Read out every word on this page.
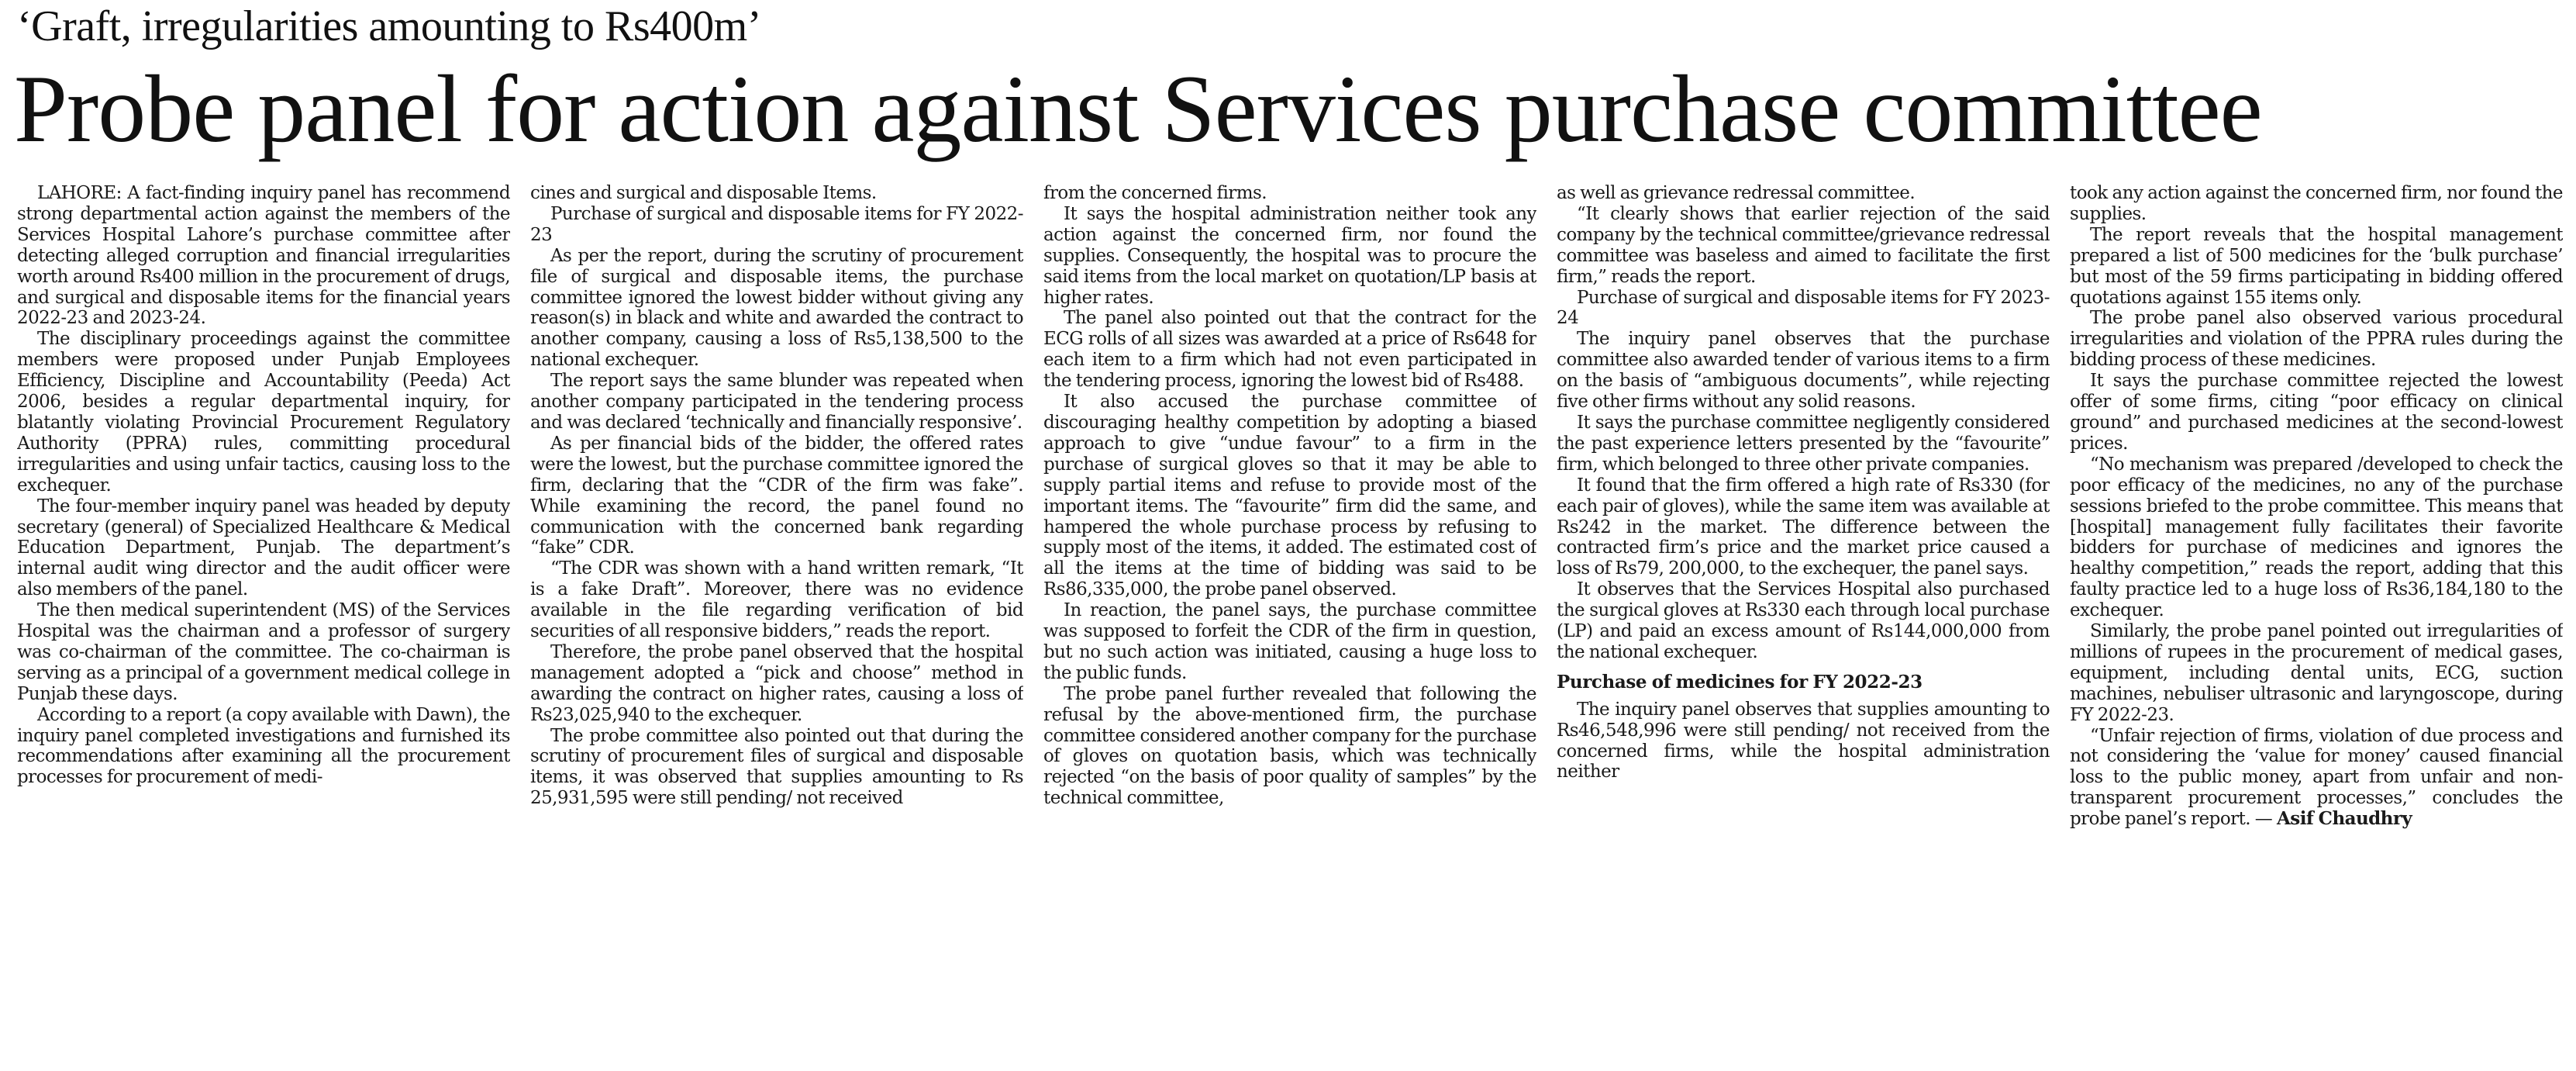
‘Graft, irregularities amounting to Rs400m’
Probe panel for action against Services purchase committee

LAHORE: A fact-finding inquiry panel has recommend strong departmental action against the members of the Services Hospital Lahore’s purchase committee after detecting alleged corruption and financial irregularities worth around Rs400 million in the procurement of drugs, and surgical and disposable items for the financial years 2022-23 and 2023-24.

The disciplinary proceedings against the committee members were proposed under Punjab Employees Efficiency, Discipline and Accountability (Peeda) Act 2006, besides a regular departmental inquiry, for blatantly violating Provincial Procurement Regulatory Authority (PPRA) rules, committing procedural irregularities and using unfair tactics, causing loss to the exchequer.

The four-member inquiry panel was headed by deputy secretary (general) of Specialized Healthcare & Medical Education Department, Punjab. The department’s internal audit wing director and the audit officer were also members of the panel.

The then medical superintendent (MS) of the Services Hospital was the chairman and a professor of surgery was co-chairman of the committee. The co-chairman is serving as a principal of a government medical college in Punjab these days.

According to a report (a copy available with Dawn), the inquiry panel completed investigations and furnished its recommendations after examining all the procurement processes for procurement of medi-

cines and surgical and disposable Items.

Purchase of surgical and disposable items for FY 2022-23

As per the report, during the scrutiny of procurement file of surgical and disposable items, the purchase committee ignored the lowest bidder without giving any reason(s) in black and white and awarded the contract to another company, causing a loss of Rs5,138,500 to the national exchequer.

The report says the same blunder was repeated when another company participated in the tendering process and was declared ‘technically and financially responsive’.

As per financial bids of the bidder, the offered rates were the lowest, but the purchase committee ignored the firm, declaring that the “CDR of the firm was fake”. While examining the record, the panel found no communication with the concerned bank regarding “fake” CDR.

“The CDR was shown with a hand written remark, “It is a fake Draft”. Moreover, there was no evidence available in the file regarding verification of bid securities of all responsive bidders,” reads the report.

Therefore, the probe panel observed that the hospital management adopted a “pick and choose” method in awarding the contract on higher rates, causing a loss of Rs23,025,940 to the exchequer.

The probe committee also pointed out that during the scrutiny of procurement files of surgical and disposable items, it was observed that supplies amounting to Rs 25,931,595 were still pending/ not received

from the concerned firms.

It says the hospital administration neither took any action against the concerned firm, nor found the supplies. Consequently, the hospital was to procure the said items from the local market on quotation/LP basis at higher rates.

The panel also pointed out that the contract for the ECG rolls of all sizes was awarded at a price of Rs648 for each item to a firm which had not even participated in the tendering process, ignoring the lowest bid of Rs488.

It also accused the purchase committee of discouraging healthy competition by adopting a biased approach to give “undue favour” to a firm in the purchase of surgical gloves so that it may be able to supply partial items and refuse to provide most of the important items. The “favourite” firm did the same, and hampered the whole purchase process by refusing to supply most of the items, it added. The estimated cost of all the items at the time of bidding was said to be Rs86,335,000, the probe panel observed.

In reaction, the panel says, the purchase committee was supposed to forfeit the CDR of the firm in question, but no such action was initiated, causing a huge loss to the public funds.

The probe panel further revealed that following the refusal by the above-mentioned firm, the purchase committee considered another company for the purchase of gloves on quotation basis, which was technically rejected “on the basis of poor quality of samples” by the technical committee,

as well as grievance redressal committee.

“It clearly shows that earlier rejection of the said company by the technical committee/grievance redressal committee was baseless and aimed to facilitate the first firm,” reads the report.

Purchase of surgical and disposable items for FY 2023-24

The inquiry panel observes that the purchase committee also awarded tender of various items to a firm on the basis of “ambiguous documents”, while rejecting five other firms without any solid reasons.

It says the purchase committee negligently considered the past experience letters presented by the “favourite” firm, which belonged to three other private companies.

It found that the firm offered a high rate of Rs330 (for each pair of gloves), while the same item was available at Rs242 in the market. The difference between the contracted firm’s price and the market price caused a loss of Rs79, 200,000, to the exchequer, the panel says.

It observes that the Services Hospital also purchased the surgical gloves at Rs330 each through local purchase (LP) and paid an excess amount of Rs144,000,000 from the national exchequer.

Purchase of medicines for FY 2022-23

The inquiry panel observes that supplies amounting to Rs46,548,996 were still pending/ not received from the concerned firms, while the hospital administration neither

took any action against the concerned firm, nor found the supplies.

The report reveals that the hospital management prepared a list of 500 medicines for the ‘bulk purchase’ but most of the 59 firms participating in bidding offered quotations against 155 items only.

The probe panel also observed various procedural irregularities and violation of the PPRA rules during the bidding process of these medicines.

It says the purchase committee rejected the lowest offer of some firms, citing “poor efficacy on clinical ground” and purchased medicines at the second-lowest prices.

“No mechanism was prepared /developed to check the poor efficacy of the medicines, no any of the purchase sessions briefed to the probe committee. This means that [hospital] management fully facilitates their favorite bidders for purchase of medicines and ignores the healthy competition,” reads the report, adding that this faulty practice led to a huge loss of Rs36,184,180 to the exchequer.

Similarly, the probe panel pointed out irregularities of millions of rupees in the procurement of medical gases, equipment, including dental units, ECG, suction machines, nebuliser ultrasonic and laryngoscope, during FY 2022-23.

“Unfair rejection of firms, violation of due process and not considering the ‘value for money’ caused financial loss to the public money, apart from unfair and non-transparent procurement processes,” concludes the probe panel’s report. — Asif Chaudhry
